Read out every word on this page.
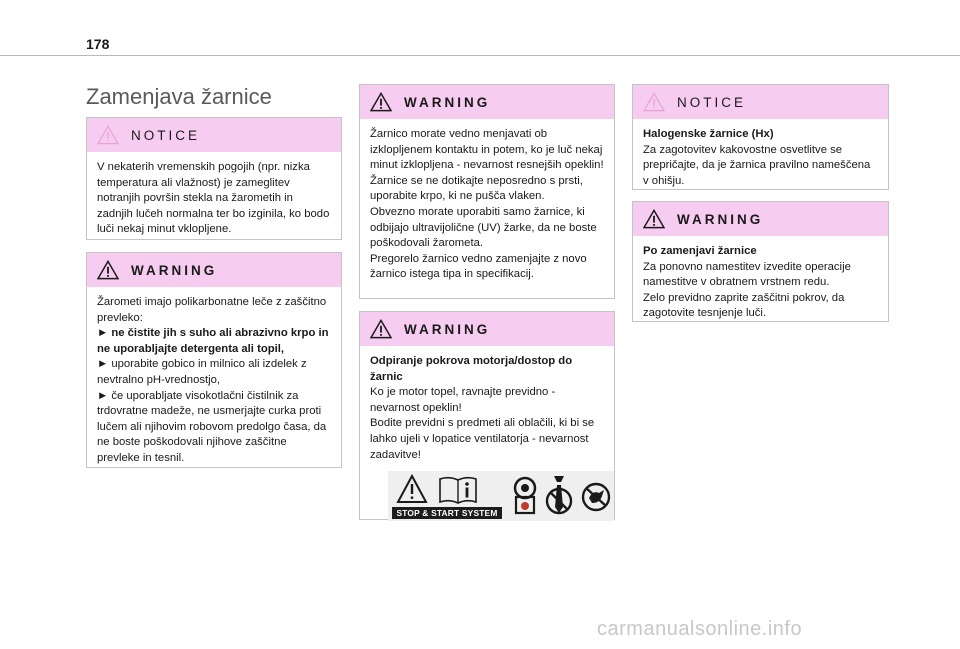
178
Zamenjava žarnice
NOTICE

V nekaterih vremenskih pogojih (npr. nizka temperatura ali vlažnost) je zameglitev notranjih površin stekla na žarometih in zadnjih lučeh normalna ter bo izginila, ko bodo luči nekaj minut vklopljene.

WARNING

Žarometi imajo polikarbonatne leče z zaščitno prevleko:

► ne čistite jih s suho ali abrazivno krpo in ne uporabljajte detergenta ali topil,

► uporabite gobico in milnico ali izdelek z nevtralno pH-vrednostjo,

► če uporabljate visokotlačni čistilnik za trdovratne madeže, ne usmerjajte curka proti lučem ali njihovim robovom predolgo časa, da ne boste poškodovali njihove zaščitne prevleke in tesnil.

WARNING

Žarnico morate vedno menjavati ob izklopljenem kontaktu in potem, ko je luč nekaj minut izklopljena - nevarnost resnejših opeklin!

Žarnice se ne dotikajte neposredno s prsti, uporabite krpo, ki ne pušča vlaken.

Obvezno morate uporabiti samo žarnice, ki odbijajo ultravijolične (UV) žarke, da ne boste poškodovali žarometa.

Pregorelo žarnico vedno zamenjajte z novo žarnico istega tipa in specifikacij.

WARNING

Odpiranje pokrova motorja/dostop do žarnic

Ko je motor topel, ravnajte previdno - nevarnost opeklin!

Bodite previdni s predmeti ali oblačili, ki bi se lahko ujeli v lopatice ventilatorja - nevarnost zadavitve!

STOP & START SYSTEM
NOTICE

Halogenske žarnice (Hx)

Za zagotovitev kakovostne osvetlitve se prepričajte, da je žarnica pravilno nameščena v ohišju.

WARNING

Po zamenjavi žarnice

Za ponovno namestitev izvedite operacije namestitve v obratnem vrstnem redu.

Zelo previdno zaprite zaščitni pokrov, da zagotovite tesnjenje luči.

carmanualsonline.info
